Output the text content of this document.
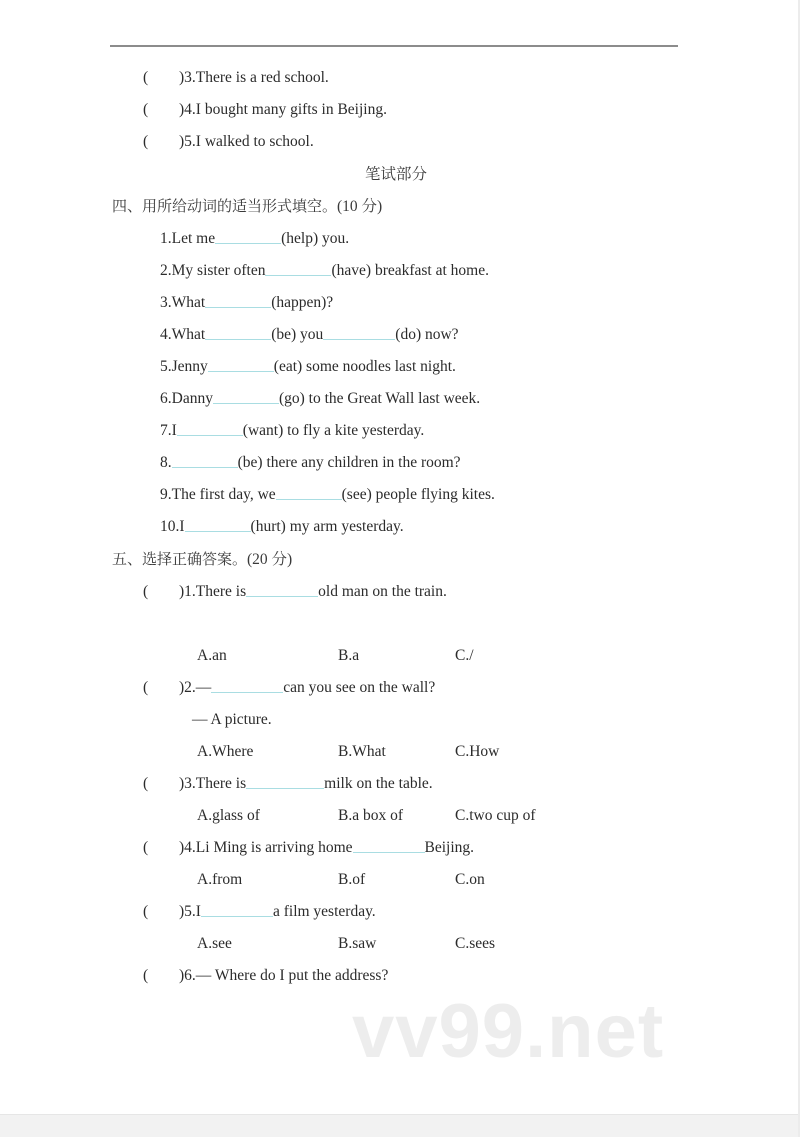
vv99.net
( )3.There is a red school.
( )4.I bought many gifts in Beijing.
( )5.I walked to school.
笔试部分
四、用所给动词的适当形式填空。(10 分)
1.Let me	(help) you.
2.My sister often	(have) breakfast at home.
3.What	(happen)?
4.What	(be) you	(do) now?
5.Jenny	(eat) some noodles last night.
6.Danny	(go) to the Great Wall last week.
7.I	(want) to fly a kite yesterday.
8.	(be) there any children in the room?
9.The first day, we	(see) people flying kites.
10.I	(hurt) my arm yesterday.
五、选择正确答案。(20 分)
( )1.There is	old man on the train.
A.an	B.a	C./
( )2.—	can you see on the wall?
— A picture.
A.Where	B.What	C.How
( )3.There is	milk on the table.
A.glass of	B.a box of	C.two cup of
( )4.Li Ming is arriving home	Beijing.
A.from	B.of	C.on
( )5.I	a film yesterday.
A.see	B.saw	C.sees
( )6.— Where do I put the address?
